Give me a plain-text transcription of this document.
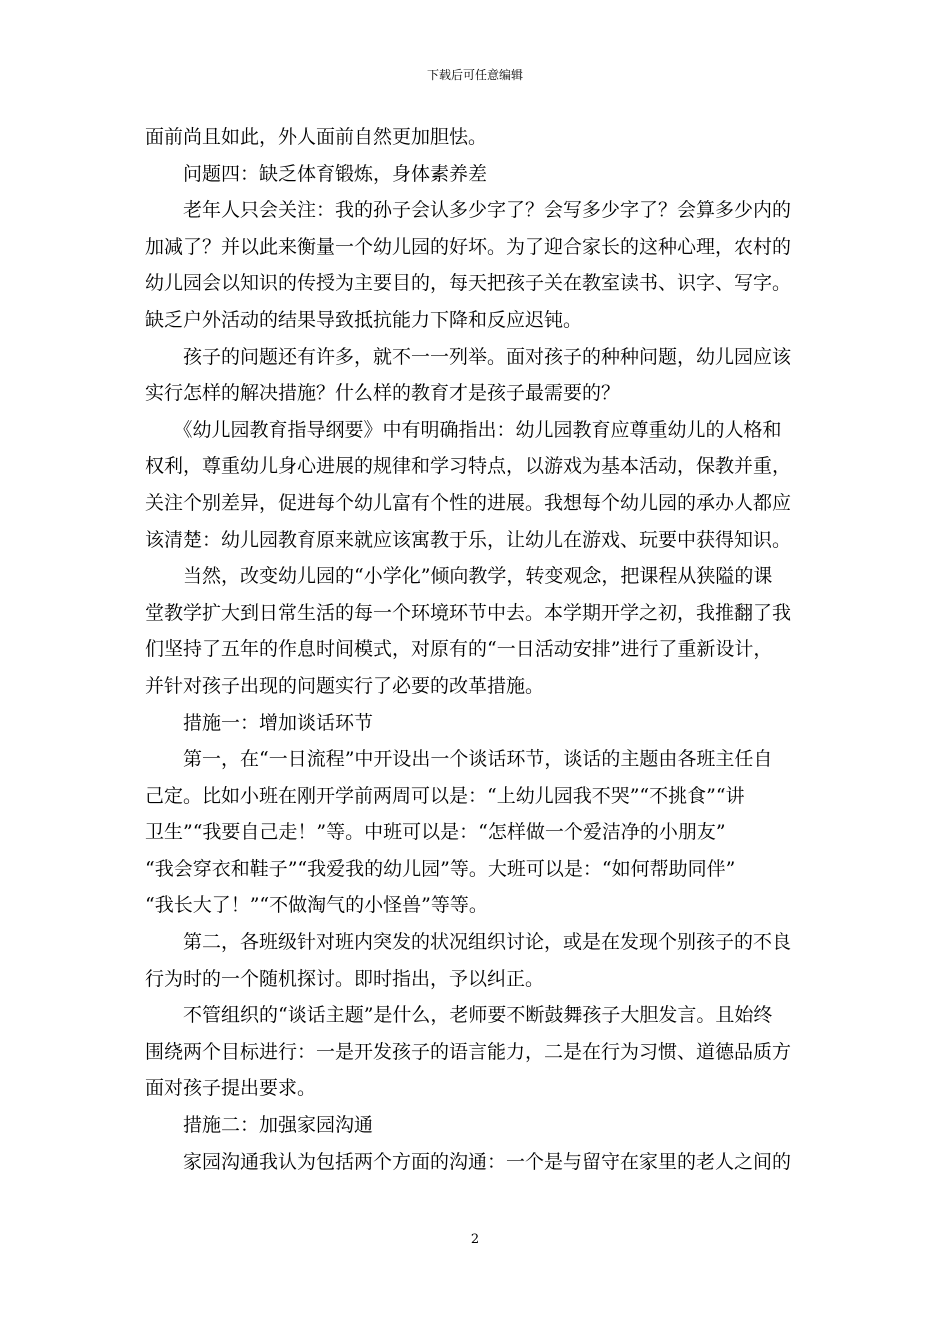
下载后可任意编辑
面前尚且如此，外人面前自然更加胆怯。
　　问题四：缺乏体育锻炼，身体素养差
　　老年人只会关注：我的孙子会认多少字了？会写多少字了？会算多少内的
加减了？并以此来衡量一个幼儿园的好坏。为了迎合家长的这种心理，农村的
幼儿园会以知识的传授为主要目的，每天把孩子关在教室读书、识字、写字。
缺乏户外活动的结果导致抵抗能力下降和反应迟钝。
　　孩子的问题还有许多，就不一一列举。面对孩子的种种问题，幼儿园应该
实行怎样的解决措施？什么样的教育才是孩子最需要的？
　　《幼儿园教育指导纲要》中有明确指出：幼儿园教育应尊重幼儿的人格和
权利，尊重幼儿身心进展的规律和学习特点，以游戏为基本活动，保教并重，
关注个别差异，促进每个幼儿富有个性的进展。我想每个幼儿园的承办人都应
该清楚：幼儿园教育原来就应该寓教于乐，让幼儿在游戏、玩要中获得知识。
　　当然，改变幼儿园的“小学化”倾向教学，转变观念，把课程从狭隘的课
堂教学扩大到日常生活的每一个环境环节中去。本学期开学之初，我推翻了我
们坚持了五年的作息时间模式，对原有的“一日活动安排”进行了重新设计，
并针对孩子出现的问题实行了必要的改革措施。
　　措施一：增加谈话环节
　　第一，在“一日流程”中开设出一个谈话环节，谈话的主题由各班主任自
己定。比如小班在刚开学前两周可以是：“上幼儿园我不哭”“不挑食”“讲
卫生”“我要自己走！”等。中班可以是：“怎样做一个爱洁净的小朋友”
“我会穿衣和鞋子”“我爱我的幼儿园”等。大班可以是：“如何帮助同伴”
“我长大了！”“不做淘气的小怪兽”等等。
　　第二，各班级针对班内突发的状况组织讨论，或是在发现个别孩子的不良
行为时的一个随机探讨。即时指出，予以纠正。
　　不管组织的“谈话主题”是什么，老师要不断鼓舞孩子大胆发言。且始终
围绕两个目标进行：一是开发孩子的语言能力，二是在行为习惯、道德品质方
面对孩子提出要求。
　　措施二：加强家园沟通
　　家园沟通我认为包括两个方面的沟通：一个是与留守在家里的老人之间的
2
